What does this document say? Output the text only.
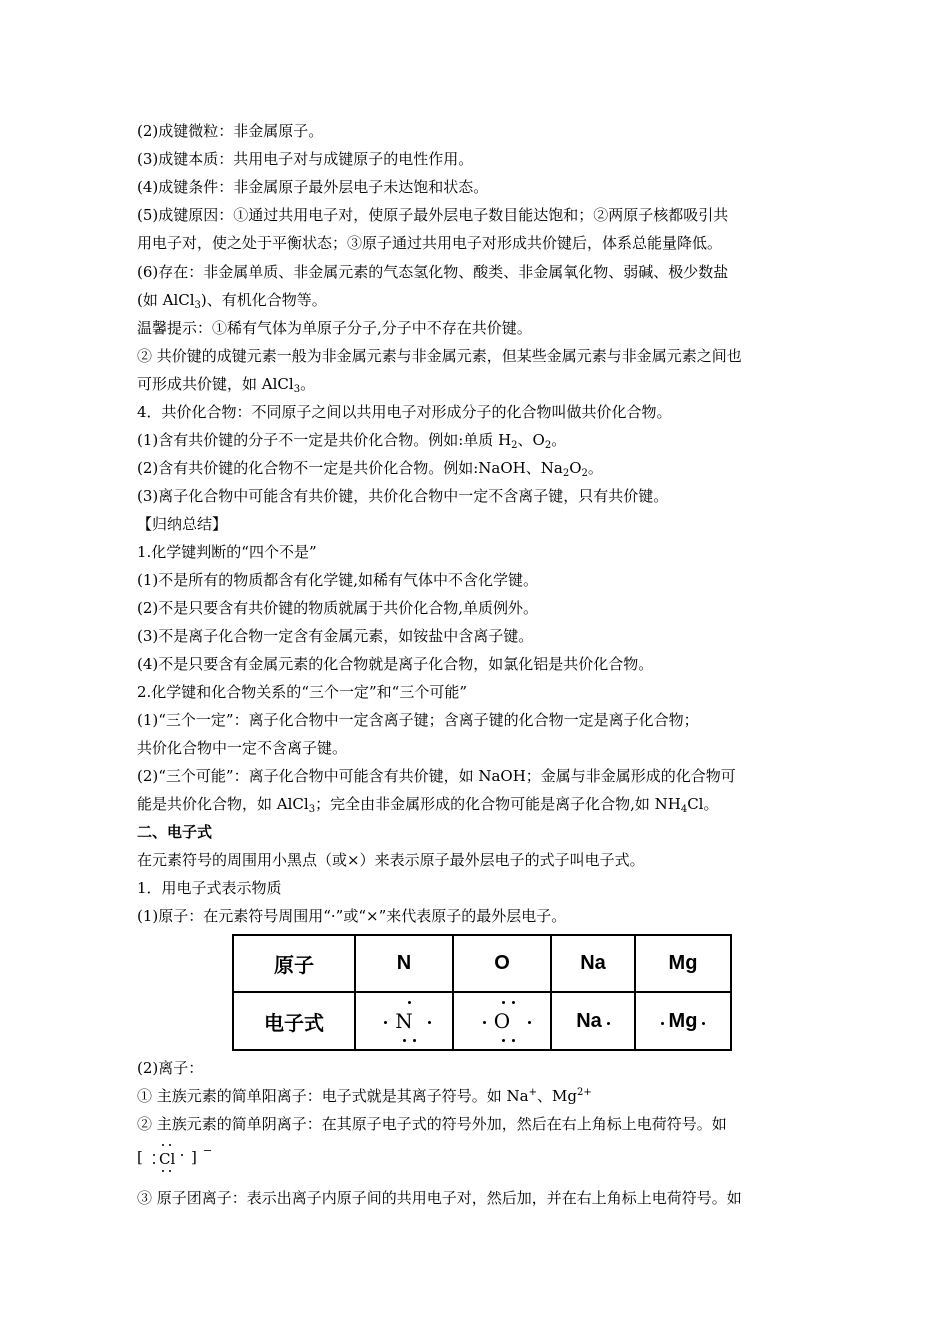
(2)成键微粒：非金属原子。
(3)成键本质：共用电子对与成键原子的电性作用。
(4)成键条件：非金属原子最外层电子未达饱和状态。
(5)成键原因：①通过共用电子对，使原子最外层电子数目能达饱和；②两原子核都吸引共
用电子对，使之处于平衡状态；③原子通过共用电子对形成共价键后，体系总能量降低。
(6)存在：非金属单质、非金属元素的气态氢化物、酸类、非金属氧化物、弱碱、极少数盐
(如 AlCl$_3$)、有机化合物等。
温馨提示：①稀有气体为单原子分子,分子中不存在共价键。
② 共价键的成键元素一般为非金属元素与非金属元素，但某些金属元素与非金属元素之间也
可形成共价键，如 AlCl$_3$。
4．共价化合物：不同原子之间以共用电子对形成分子的化合物叫做共价化合物。
(1)含有共价键的分子不一定是共价化合物。例如:单质 $H_2$、$O_2$。
(2)含有共价键的化合物不一定是共价化合物。例如:NaOH、$Na_2O_2$。
(3)离子化合物中可能含有共价键，共价化合物中一定不含离子键，只有共价键。
【归纳总结】
1.化学键判断的“四个不是”
(1)不是所有的物质都含有化学键,如稀有气体中不含化学键。
(2)不是只要含有共价键的物质就属于共价化合物,单质例外。
(3)不是离子化合物一定含有金属元素，如铵盐中含离子键。
(4)不是只要含有金属元素的化合物就是离子化合物，如氯化铝是共价化合物。
2.化学键和化合物关系的“三个一定”和“三个可能”
(1)“三个一定”：离子化合物中一定含离子键；含离子键的化合物一定是离子化合物；
共价化合物中一定不含离子键。
(2)“三个可能”：离子化合物中可能含有共价键，如 NaOH；金属与非金属形成的化合物可
能是共价化合物，如 AlCl$_3$；完全由非金属形成的化合物可能是离子化合物,如 $NH_4Cl$。
二、电子式
在元素符号的周围用小黑点（或×）来表示原子最外层电子的式子叫电子式。
1．用电子式表示物质
(1)原子：在元素符号周围用“·”或“×”来代表原子的最外层电子。
原子	N	O	Na	Mg
电子式	N	O	Na	Mg
(2)离子：
① 主族元素的简单阳离子：电子式就是其离子符号。如 Na+、$Mg^{2+}$
② 主族元素的简单阴离子：在其原子电子式的符号外加，然后在右上角标上电荷符号。如
[ Cl ] −
③ 原子团离子：表示出离子内原子间的共用电子对，然后加，并在右上角标上电荷符号。如
